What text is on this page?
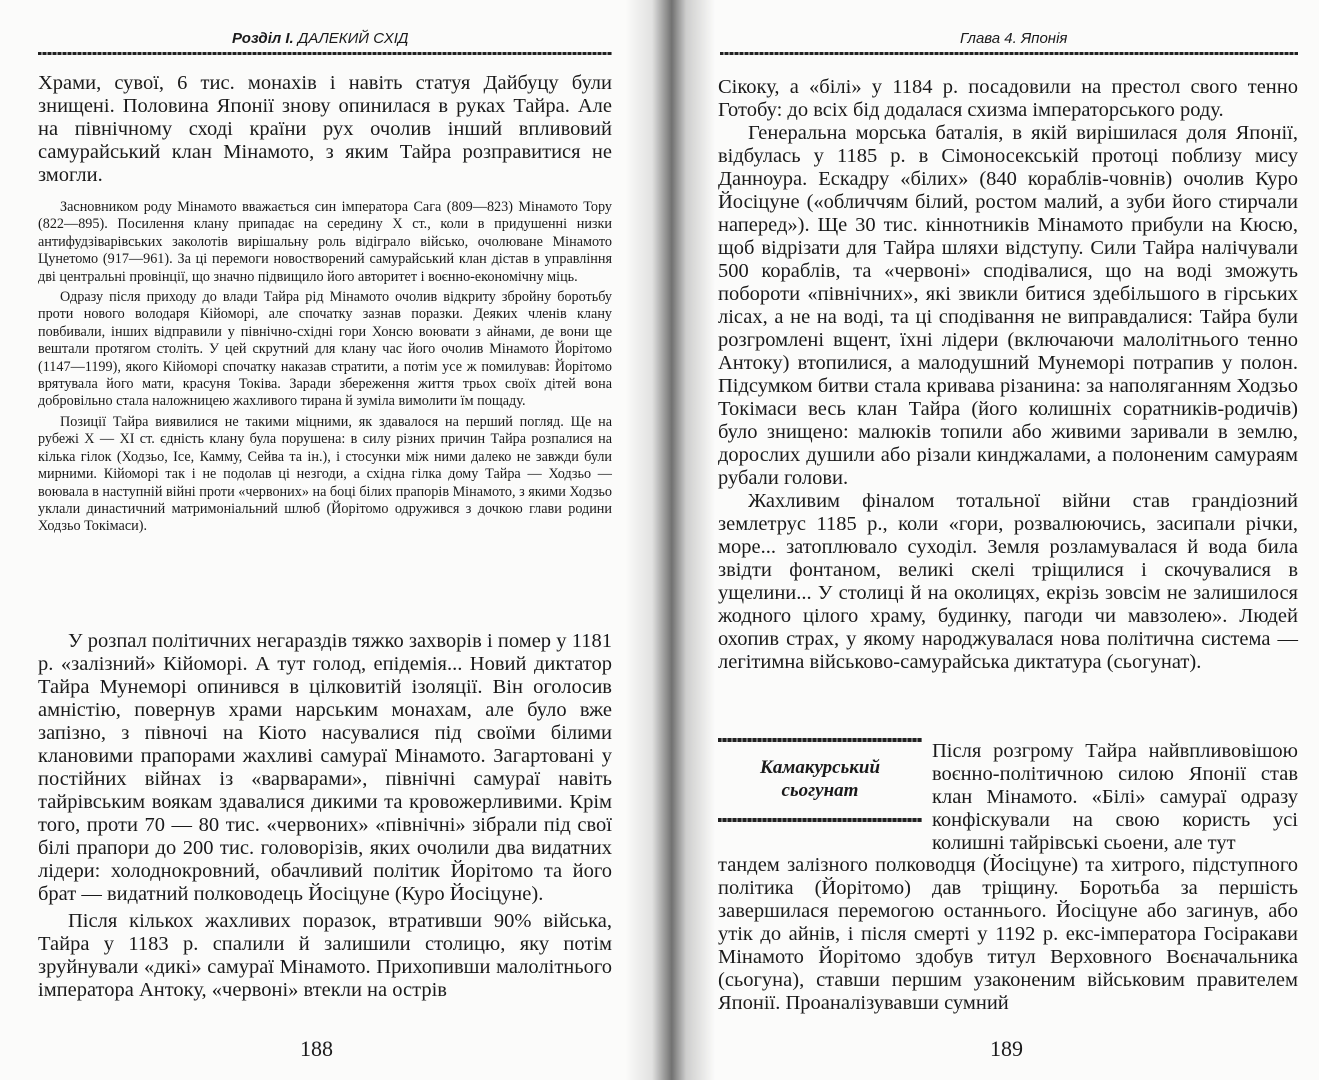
Розділ I. ДАЛЕКИЙ СХІД

Храми, сувої, 6 тис. монахів і навіть статуя Дайбуцу були знищені. Половина Японії знову опинилася в руках Тайра. Але на північному сході країни рух очолив інший впливовий самурайський клан Мінамото, з яким Тайра розправитися не змогли.

Засновником роду Мінамото вважається син імператора Сага (809—823) Мінамото Тору (822—895). Посилення клану припадає на середину X ст., коли в придушенні низки антифудзіварівських заколотів вирішальну роль відіграло військо, очолюване Мінамото Цунетомо (917—961). За ці перемоги новостворений самурайський клан дістав в управління дві центральні провінції, що значно підвищило його авторитет і воєнно-економічну міць.

Одразу після приходу до влади Тайра рід Мінамото очолив відкриту збройну боротьбу проти нового володаря Кійоморі, але спочатку зазнав поразки. Деяких членів клану повбивали, інших відправили у північно-східні гори Хонсю воювати з айнами, де вони ще вештали протягом століть. У цей скрутний для клану час його очолив Мінамото Йорітомо (1147—1199), якого Кійоморі спочатку наказав стратити, а потім усе ж помилував: Йорітомо врятувала його мати, красуня Токіва. Заради збереження життя трьох своїх дітей вона добровільно стала наложницею жахливого тирана й зуміла вимолити їм пощаду.

Позиції Тайра виявилися не такими міцними, як здавалося на перший погляд. Ще на рубежі X — XI ст. єдність клану була порушена: в силу різних причин Тайра розпалися на кілька гілок (Ходзьо, Ісе, Камму, Сейва та ін.), і стосунки між ними далеко не завжди були мирними. Кійоморі так і не подолав ці незгоди, а східна гілка дому Тайра — Ходзьо — воювала в наступній війні проти «червоних» на боці білих прапорів Мінамото, з якими Ходзьо уклали династичний матримоніальний шлюб (Йорітомо одружився з дочкою глави родини Ходзьо Токімаси).

У розпал політичних негараздів тяжко захворів і помер у 1181 р. «залізний» Кійоморі. А тут голод, епідемія... Новий диктатор Тайра Мунеморі опинився в цілковитій ізоляції. Він оголосив амністію, повернув храми нарським монахам, але було вже запізно, з півночі на Кіото насувалися під своїми білими клановими прапорами жахливі самураї Мінамото. Загартовані у постійних війнах із «варварами», північні самураї навіть тайрівським воякам здавалися дикими та кровожерливими. Крім того, проти 70 — 80 тис. «червоних» «північні» зібрали під свої білі прапори до 200 тис. головорізів, яких очолили два видатних лідери: холоднокровний, обачливий політик Йорітомо та його брат — видатний полководець Йосіцуне (Куро Йосіцуне).

Після кількох жахливих поразок, втративши 90% війська, Тайра у 1183 р. спалили й залишили столицю, яку потім зруйнували «дикі» самураї Мінамото. Прихопивши малолітнього імператора Антоку, «червоні» втекли на острів

188
Глава 4. Японія

Сікоку, а «білі» у 1184 р. посадовили на престол свого тенно Готобу: до всіх бід додалася схизма імператорського роду.

Генеральна морська баталія, в якій вирішилася доля Японії, відбулась у 1185 р. в Сімоносекській протоці поблизу мису Данноура. Ескадру «білих» (840 кораблів-човнів) очолив Куро Йосіцуне («обличчям білий, ростом малий, а зуби його стирчали наперед»). Ще 30 тис. кіннотників Мінамото прибули на Кюсю, щоб відрізати для Тайра шляхи відступу. Сили Тайра налічували 500 кораблів, та «червоні» сподівалися, що на воді зможуть побороти «північних», які звикли битися здебільшого в гірських лісах, а не на воді, та ці сподівання не виправдалися: Тайра були розгромлені вщент, їхні лідери (включаючи малолітнього тенно Антоку) втопилися, а малодушний Мунеморі потрапив у полон. Підсумком битви стала кривава різанина: за наполяганням Ходзьо Токімаси весь клан Тайра (його колишніх соратників-родичів) було знищено: малюків топили або живими заривали в землю, дорослих душили або різали кинджалами, а полоненим самураям рубали голови.

Жахливим фіналом тотальної війни став грандіозний землетрус 1185 р., коли «гори, розвалюючись, засипали річки, море... затоплювало суходіл. Земля розламувалася й вода била звідти фонтаном, великі скелі тріщилися і скочувалися в ущелини... У столиці й на околицях, екрізь зовсім не залишилося жодного цілого храму, будинку, пагоди чи мавзолею». Людей охопив страх, у якому народжувалася нова політична система — легітимна військово-самурайська диктатура (сьогунат).

Камакурський
сьогунат

Після розгрому Тайра найвпливовішою воєнно-політичною силою Японії став клан Мінамото. «Білі» самураї одразу конфіскували на свою користь усі колишні тайрівські сьоени, але тут

тандем залізного полководця (Йосіцуне) та хитрого, підступного політика (Йорітомо) дав тріщину. Боротьба за першість завершилася перемогою останнього. Йосіцуне або загинув, або утік до айнів, і після смерті у 1192 р. екс-імператора Госіракави Мінамото Йорітомо здобув титул Верховного Воєначальника (сьогуна), ставши першим узаконеним військовим правителем Японії. Проаналізувавши сумний

189
